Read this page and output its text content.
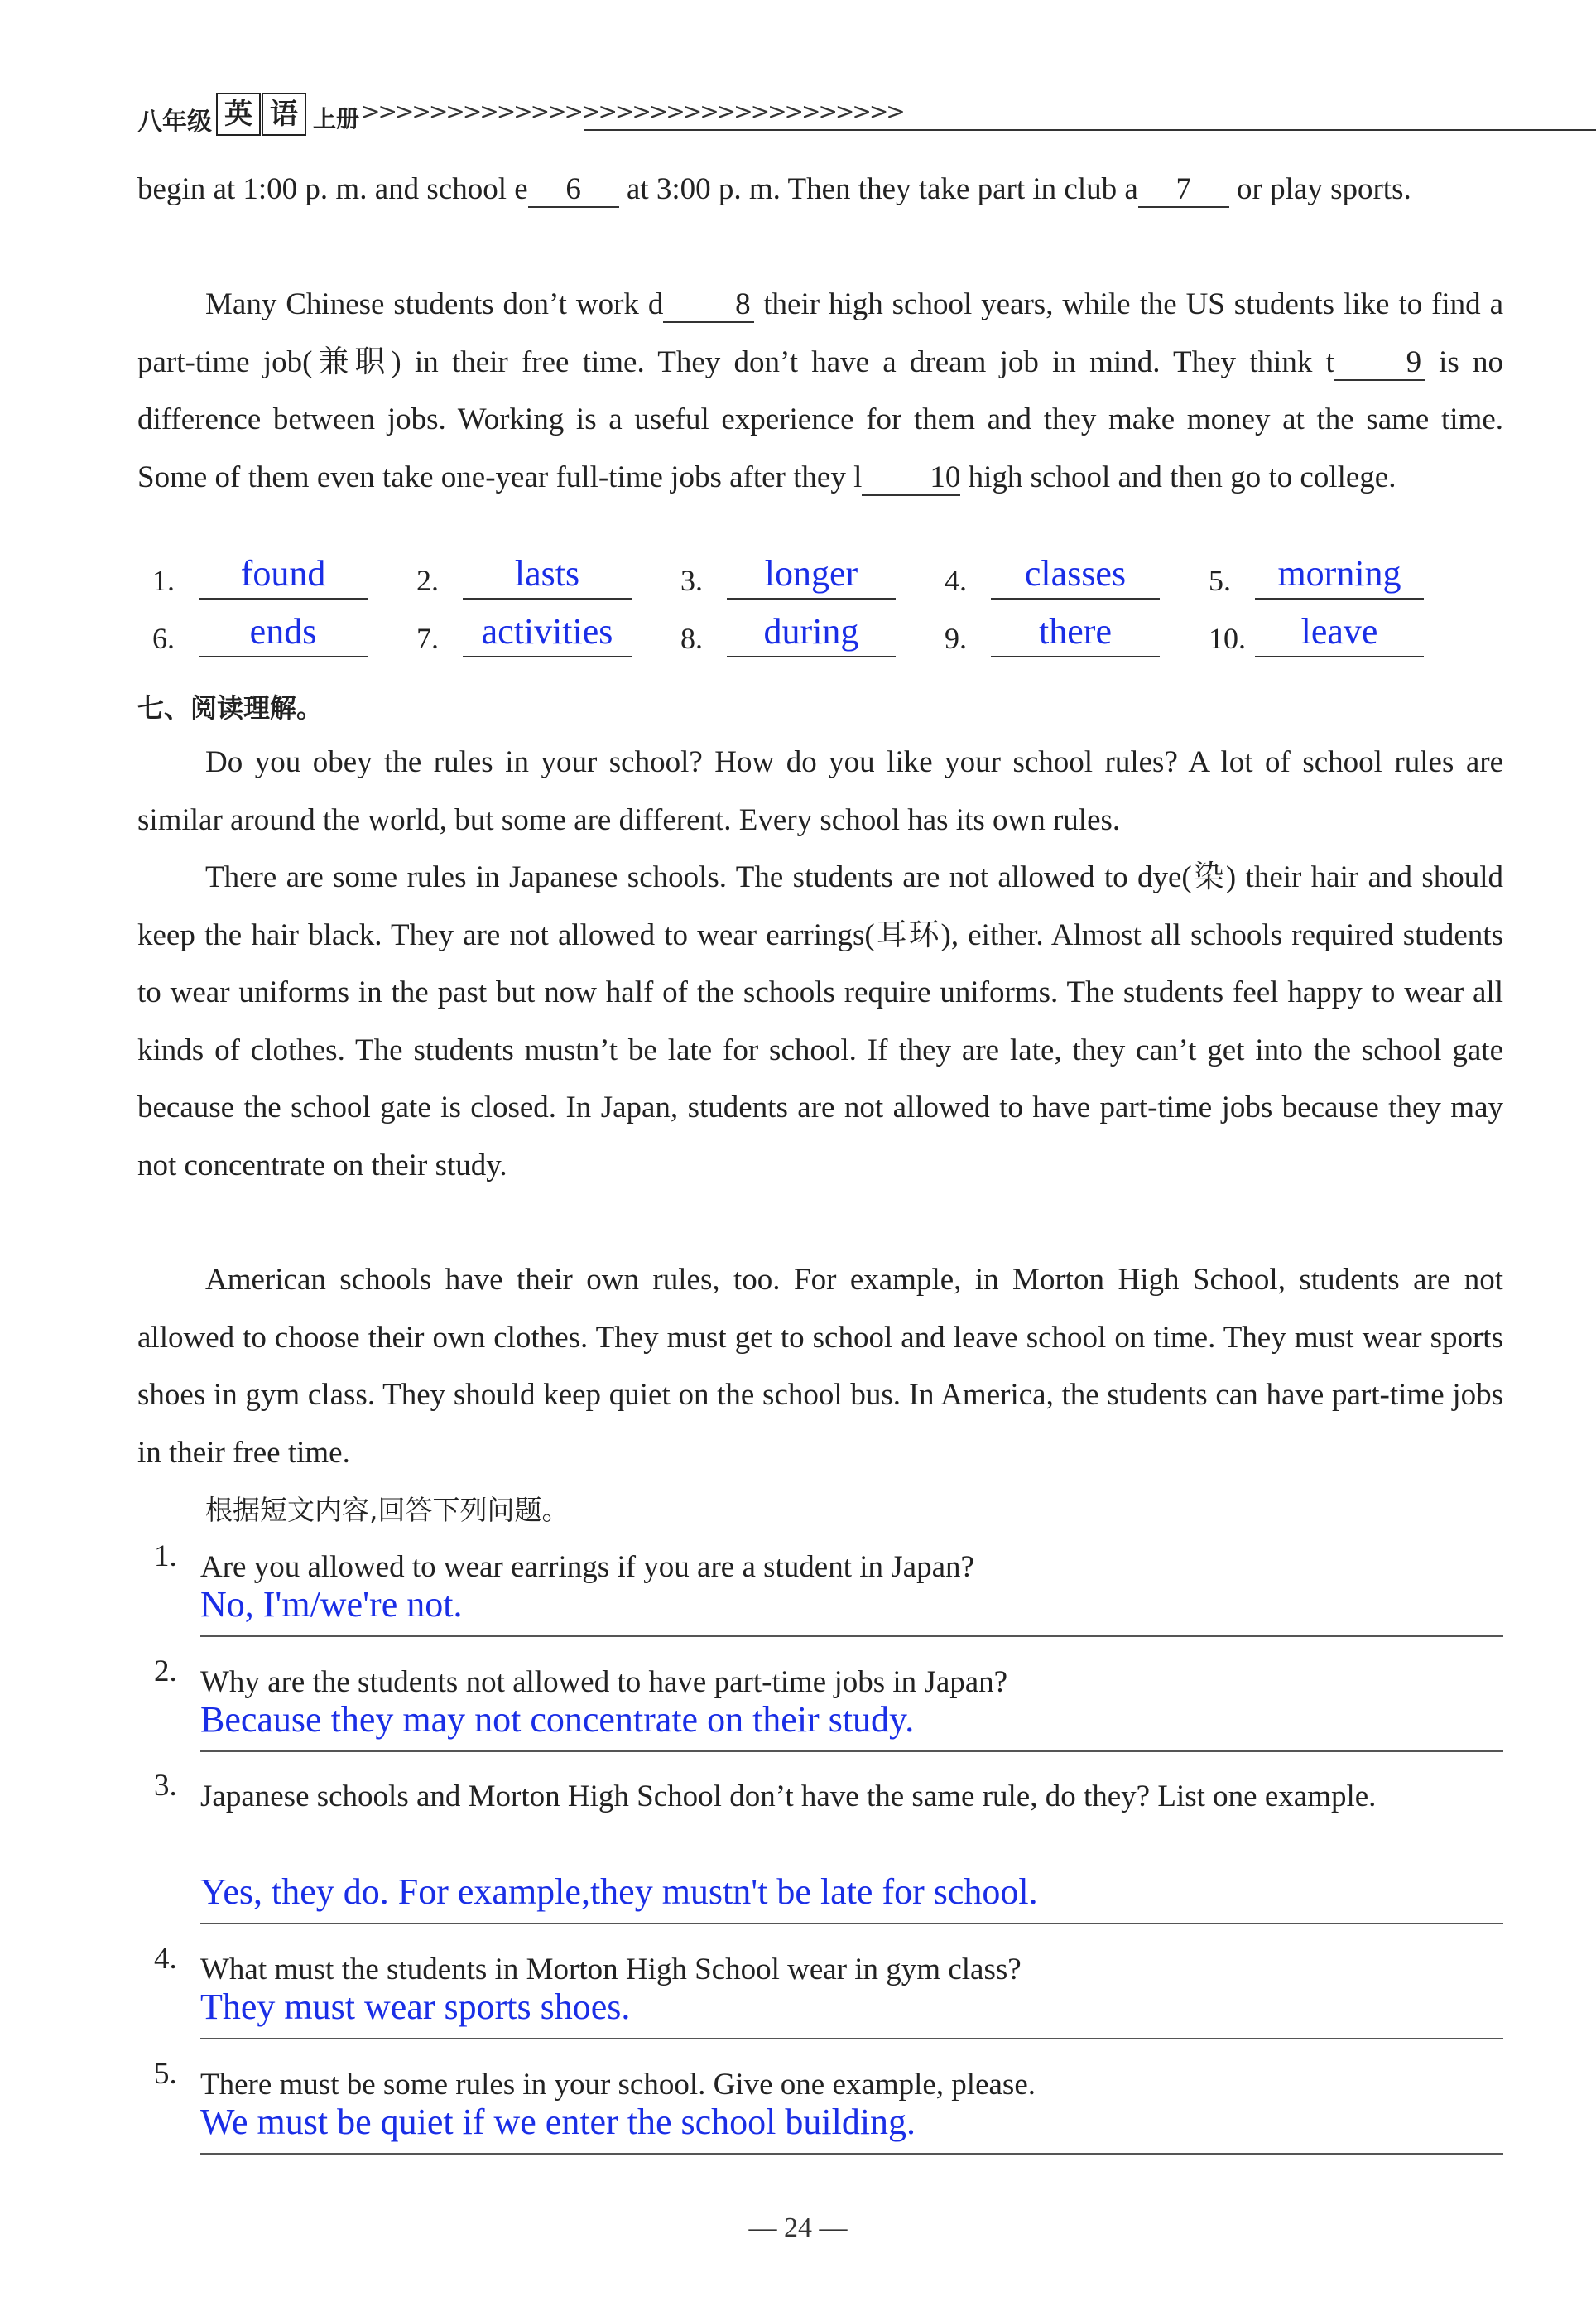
八年级 英 语 上册 >>>>>>>>>>>>>>>>>>>>>>>>>>>>>>>>
begin at 1:00 p. m. and school e 6 at 3:00 p. m. Then they take part in club a 7 or play sports.
Many Chinese students don’t work d 8 their high school years, while the US students like to find a part-time job(兼职) in their free time. They don’t have a dream job in mind. They think t 9 is no difference between jobs. Working is a useful experience for them and they make money at the same time. Some of them even take one-year full-time jobs after they l 10 high school and then go to college.
1.	found	2.	lasts	3.	longer	4.	classes	5.	morning
6.	ends	7.	activities	8.	during	9.	there	10.	leave
七、阅读理解。
Do you obey the rules in your school? How do you like your school rules? A lot of school rules are similar around the world, but some are different. Every school has its own rules.
There are some rules in Japanese schools. The students are not allowed to dye(染) their hair and should keep the hair black. They are not allowed to wear earrings(耳环), either. Almost all schools required students to wear uniforms in the past but now half of the schools require uniforms. The students feel happy to wear all kinds of clothes. The students mustn’t be late for school. If they are late, they can’t get into the school gate because the school gate is closed. In Japan, students are not allowed to have part-time jobs because they may not concentrate on their study.
American schools have their own rules, too. For example, in Morton High School, students are not allowed to choose their own clothes. They must get to school and leave school on time. They must wear sports shoes in gym class. They should keep quiet on the school bus. In America, the students can have part-time jobs in their free time.
根据短文内容,回答下列问题。
1. Are you allowed to wear earrings if you are a student in Japan?
No, I'm/we're not.
2. Why are the students not allowed to have part-time jobs in Japan?
Because they may not concentrate on their study.
3. Japanese schools and Morton High School don’t have the same rule, do they? List one example.
Yes, they do. For example,they mustn't be late for school.
4. What must the students in Morton High School wear in gym class?
They must wear sports shoes.
5. There must be some rules in your school. Give one example, please.
We must be quiet if we enter the school building.
— 24 —
